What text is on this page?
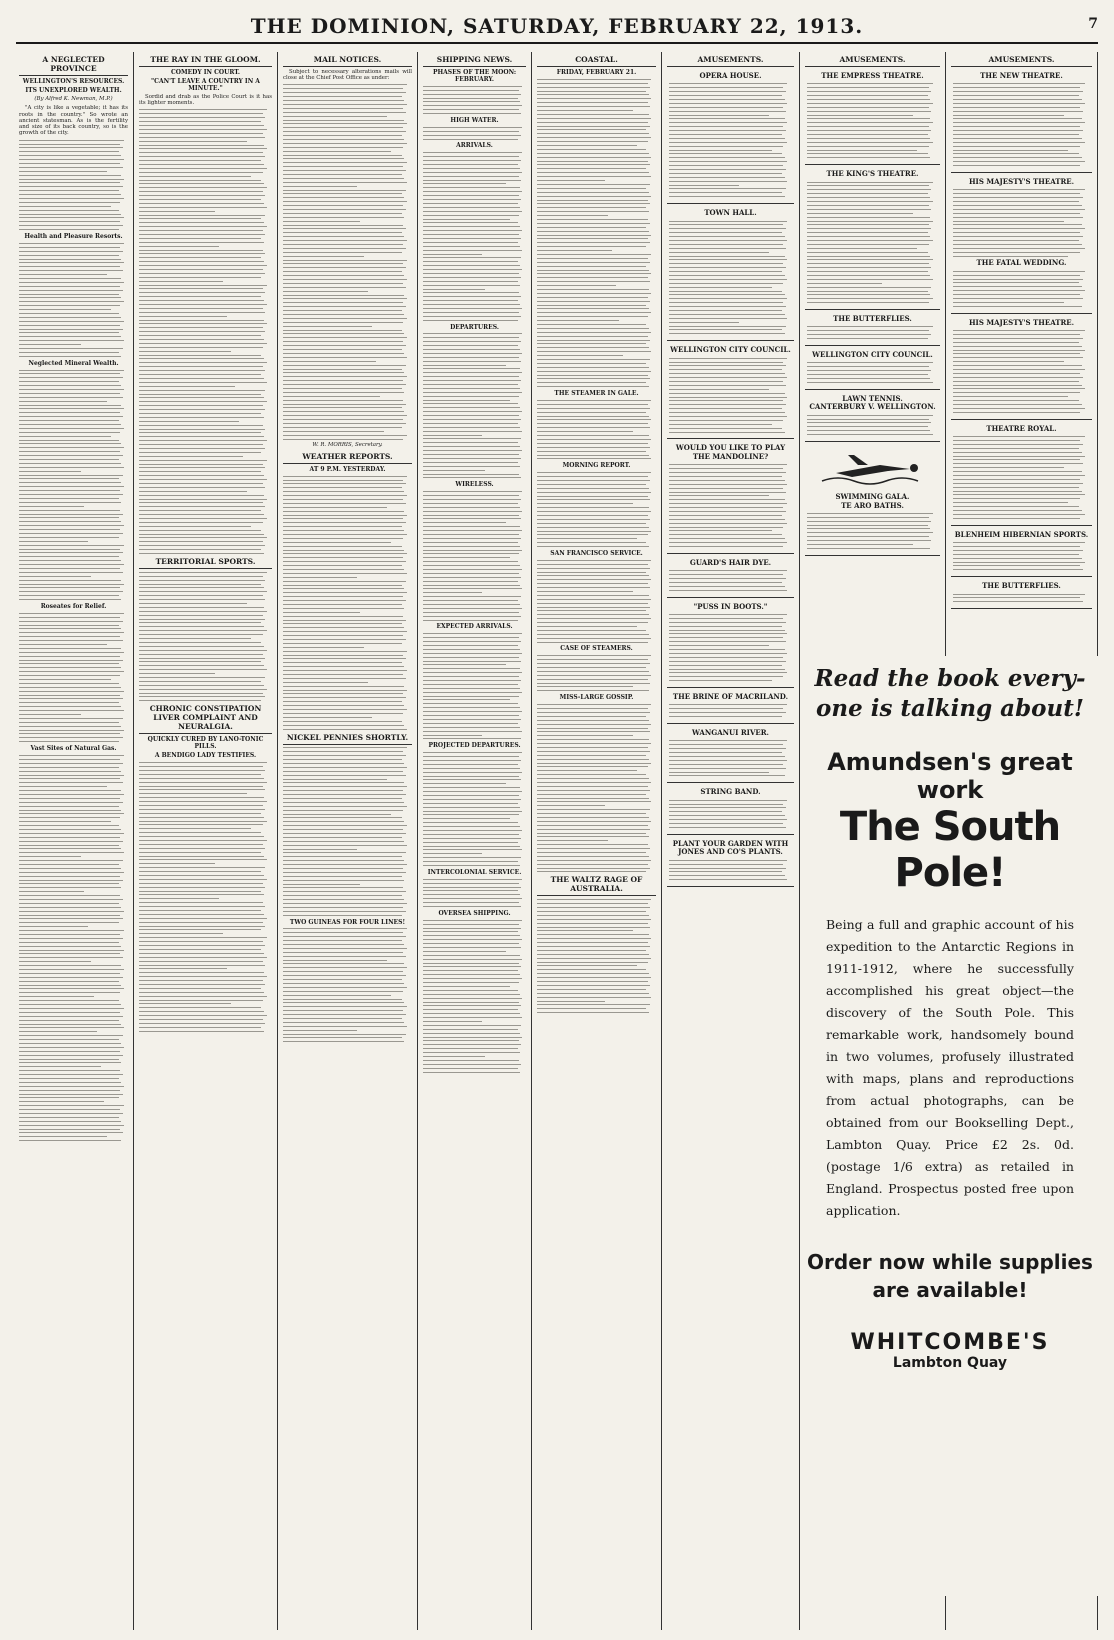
THE DOMINION, SATURDAY, FEBRUARY 22, 1913.	7
A NEGLECTED PROVINCE
WELLINGTON'S RESOURCES.
ITS UNEXPLORED WEALTH.
(By Alfred K. Newman, M.P.)

"A city is like a vegetable; it has its roots in the country." So wrote an ancient statesman. As is the fertility and size of its back country, so is the growth of the city.

Health and Pleasure Resorts.
Neglected Mineral Wealth.
Roseates for Relief.
Vast Sites of Natural Gas.
THE RAY IN THE GLOOM.
COMEDY IN COURT.
"CAN'T LEAVE A COUNTRY IN A MINUTE."

Sordid and drab as the Police Court is it has its lighter moments.

TERRITORIAL SPORTS.
CHRONIC CONSTIPATION LIVER COMPLAINT AND NEURALGIA.
QUICKLY CURED BY LANO-TONIC PILLS.
A BENDIGO LADY TESTIFIES.
MAIL NOTICES.

Subject to necessary alterations mails will close at the Chief Post Office as under:

W. R. MORRIS, Secretary.
WEATHER REPORTS.
AT 9 P.M. YESTERDAY.
NICKEL PENNIES SHORTLY.
TWO GUINEAS FOR FOUR LINES!
SHIPPING NEWS.
PHASES OF THE MOON: FEBRUARY.
HIGH WATER.
ARRIVALS.
DEPARTURES.
WIRELESS.
EXPECTED ARRIVALS.
PROJECTED DEPARTURES.
INTERCOLONIAL SERVICE.
OVERSEA SHIPPING.
COASTAL.
FRIDAY, FEBRUARY 21.
THE STEAMER IN GALE.
MORNING REPORT.
SAN FRANCISCO SERVICE.
CASE OF STEAMERS.
MISS-LARGE GOSSIP.
THE WALTZ RAGE OF AUSTRALIA.
AMUSEMENTS.
OPERA HOUSE.
TOWN HALL.
WELLINGTON CITY COUNCIL.
WOULD YOU LIKE TO PLAY THE MANDOLINE?
GUARD'S HAIR DYE.
"PUSS IN BOOTS."
THE BRINE OF MACRILAND.
WANGANUI RIVER.
STRING BAND.
PLANT YOUR GARDEN WITH JONES AND CO'S PLANTS.
AMUSEMENTS.
THE EMPRESS THEATRE.
THE KING'S THEATRE.
THE BUTTERFLIES.
WELLINGTON CITY COUNCIL.
LAWN TENNIS.
CANTERBURY V. WELLINGTON.
SWIMMING GALA.
TE ARO BATHS.
AMUSEMENTS.
THE NEW THEATRE.
HIS MAJESTY'S THEATRE.
THE FATAL WEDDING.
HIS MAJESTY'S THEATRE.
THEATRE ROYAL.
BLENHEIM HIBERNIAN SPORTS.
THE BUTTERFLIES.
Read the book every-one is talking about!
Amundsen's great work
The South Pole!
Being a full and graphic account of his expedition to the Antarctic Regions in 1911-1912, where he successfully accomplished his great object—the discovery of the South Pole. This remarkable work, handsomely bound in two volumes, profusely illustrated with maps, plans and reproductions from actual photographs, can be obtained from our Bookselling Dept., Lambton Quay. Price £2 2s. 0d. (postage 1/6 extra) as retailed in England. Prospectus posted free upon application.
Order now while supplies are available!
WHITCOMBE'S
Lambton Quay
